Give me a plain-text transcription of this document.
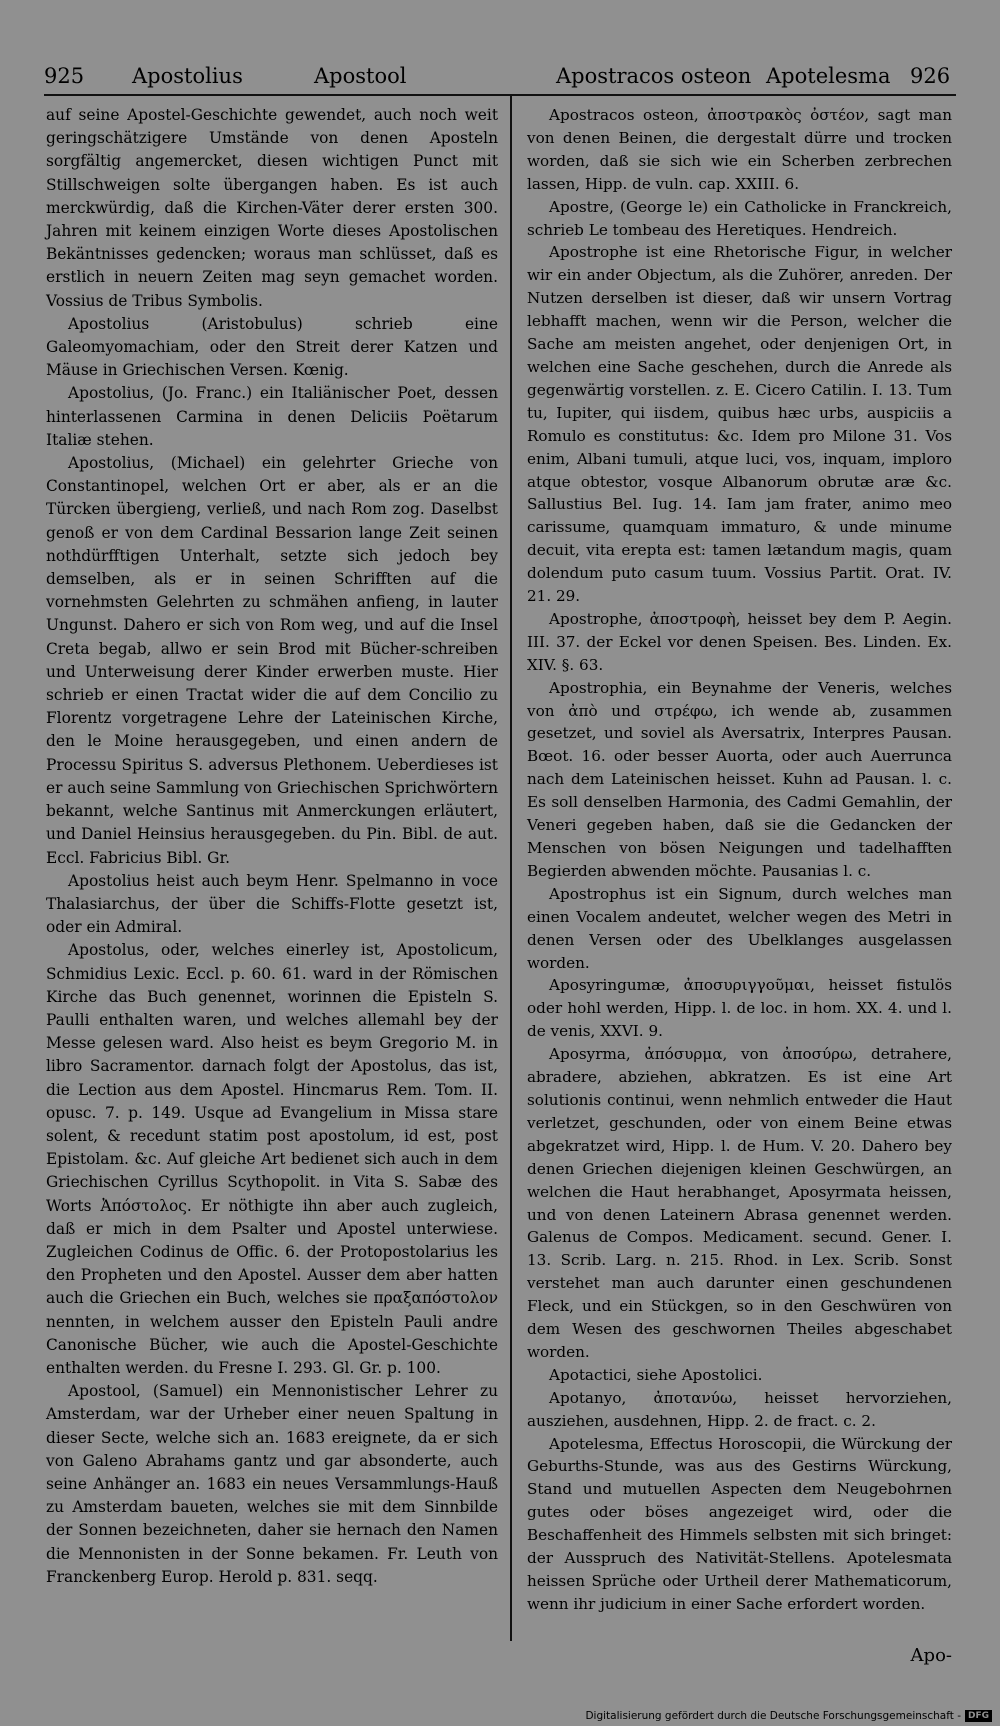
925 Apostolius	Apostool	Apostracos osteon Apotelesma 926

auf seine Apostel-Geschichte gewendet, auch noch weit geringschätzigere Umstände von denen Aposteln sorgfältig angemercket, diesen wichtigen Punct mit Stillschweigen solte übergangen haben. Es ist auch merckwürdig, daß die Kirchen-Väter derer ersten 300. Jahren mit keinem einzigen Worte dieses Apostolischen Bekäntnisses gedencken; woraus man schlüsset, daß es erstlich in neuern Zeiten mag seyn gemachet worden. Vossius de Tribus Symbolis.

Apostolius (Aristobulus) schrieb eine Galeomyomachiam, oder den Streit derer Katzen und Mäuse in Griechischen Versen. Kœnig.

Apostolius, (Jo. Franc.) ein Italiänischer Poet, dessen hinterlassenen Carmina in denen Deliciis Poëtarum Italiæ stehen.

Apostolius, (Michael) ein gelehrter Grieche von Constantinopel, welchen Ort er aber, als er an die Türcken übergieng, verließ, und nach Rom zog. Daselbst genoß er von dem Cardinal Bessarion lange Zeit seinen nothdürfftigen Unterhalt, setzte sich jedoch bey demselben, als er in seinen Schrifften auf die vornehmsten Gelehrten zu schmähen anfieng, in lauter Ungunst. Dahero er sich von Rom weg, und auf die Insel Creta begab, allwo er sein Brod mit Bücher-schreiben und Unterweisung derer Kinder erwerben muste. Hier schrieb er einen Tractat wider die auf dem Concilio zu Florentz vorgetragene Lehre der Lateinischen Kirche, den le Moine herausgegeben, und einen andern de Processu Spiritus S. adversus Plethonem. Ueberdieses ist er auch seine Sammlung von Griechischen Sprichwörtern bekannt, welche Santinus mit Anmerckungen erläutert, und Daniel Heinsius herausgegeben. du Pin. Bibl. de aut. Eccl. Fabricius Bibl. Gr.

Apostolius heist auch beym Henr. Spelmanno in voce Thalasiarchus, der über die Schiffs-Flotte gesetzt ist, oder ein Admiral.

Apostolus, oder, welches einerley ist, Apostolicum, Schmidius Lexic. Eccl. p. 60. 61. ward in der Römischen Kirche das Buch genennet, worinnen die Episteln S. Paulli enthalten waren, und welches allemahl bey der Messe gelesen ward. Also heist es beym Gregorio M. in libro Sacramentor. darnach folgt der Apostolus, das ist, die Lection aus dem Apostel. Hincmarus Rem. Tom. II. opusc. 7. p. 149. Usque ad Evangelium in Missa stare solent, & recedunt statim post apostolum, id est, post Epistolam. &c. Auf gleiche Art bedienet sich auch in dem Griechischen Cyrillus Scythopolit. in Vita S. Sabæ des Worts Ἀπόστολος. Er nöthigte ihn aber auch zugleich, daß er mich in dem Psalter und Apostel unterwiese. Zugleichen Codinus de Offic. 6. der Protopostolarius les den Propheten und den Apostel. Ausser dem aber hatten auch die Griechen ein Buch, welches sie πραξαπόστολον nennten, in welchem ausser den Episteln Pauli andre Canonische Bücher, wie auch die Apostel-Geschichte enthalten werden. du Fresne I. 293. Gl. Gr. p. 100.

Apostool, (Samuel) ein Mennonistischer Lehrer zu Amsterdam, war der Urheber einer neuen Spaltung in dieser Secte, welche sich an. 1683 ereignete, da er sich von Galeno Abrahams gantz und gar absonderte, auch seine Anhänger an. 1683 ein neues Versammlungs-Hauß zu Amsterdam baueten, welches sie mit dem Sinnbilde der Sonnen bezeichneten, daher sie hernach den Namen die Mennonisten in der Sonne bekamen. Fr. Leuth von Franckenberg Europ. Herold p. 831. seqq.

Apostracos osteon, ἀποστρακὸς ὀστέον, sagt man von denen Beinen, die dergestalt dürre und trocken worden, daß sie sich wie ein Scherben zerbrechen lassen, Hipp. de vuln. cap. XXIII. 6.

Apostre, (George le) ein Catholicke in Franckreich, schrieb Le tombeau des Heretiques. Hendreich.

Apostrophe ist eine Rhetorische Figur, in welcher wir ein ander Objectum, als die Zuhörer, anreden. Der Nutzen derselben ist dieser, daß wir unsern Vortrag lebhafft machen, wenn wir die Person, welcher die Sache am meisten angehet, oder denjenigen Ort, in welchen eine Sache geschehen, durch die Anrede als gegenwärtig vorstellen. z. E. Cicero Catilin. I. 13. Tum tu, Iupiter, qui iisdem, quibus hæc urbs, auspiciis a Romulo es constitutus: &c. Idem pro Milone 31. Vos enim, Albani tumuli, atque luci, vos, inquam, imploro atque obtestor, vosque Albanorum obrutæ aræ &c. Sallustius Bel. Iug. 14. Iam jam frater, animo meo carissume, quamquam immaturo, & unde minume decuit, vita erepta est: tamen lætandum magis, quam dolendum puto casum tuum. Vossius Partit. Orat. IV. 21. 29.

Apostrophe, ἀποστροφὴ, heisset bey dem P. Aegin. III. 37. der Eckel vor denen Speisen. Bes. Linden. Ex. XIV. §. 63.

Apostrophia, ein Beynahme der Veneris, welches von ἀπὸ und στρέφω, ich wende ab, zusammen gesetzet, und soviel als Aversatrix, Interpres Pausan. Bœot. 16. oder besser Auorta, oder auch Auerrunca nach dem Lateinischen heisset. Kuhn ad Pausan. l. c. Es soll denselben Harmonia, des Cadmi Gemahlin, der Veneri gegeben haben, daß sie die Gedancken der Menschen von bösen Neigungen und tadelhafften Begierden abwenden möchte. Pausanias l. c.

Apostrophus ist ein Signum, durch welches man einen Vocalem andeutet, welcher wegen des Metri in denen Versen oder des Ubelklanges ausgelassen worden.

Aposyringumæ, ἀποσυριγγοῦμαι, heisset fistulös oder hohl werden, Hipp. l. de loc. in hom. XX. 4. und l. de venis, XXVI. 9.

Aposyrma, ἀπόσυρμα, von ἀποσύρω, detrahere, abradere, abziehen, abkratzen. Es ist eine Art solutionis continui, wenn nehmlich entweder die Haut verletzet, geschunden, oder von einem Beine etwas abgekratzet wird, Hipp. l. de Hum. V. 20. Dahero bey denen Griechen diejenigen kleinen Geschwürgen, an welchen die Haut herabhanget, Aposyrmata heissen, und von denen Lateinern Abrasa genennet werden. Galenus de Compos. Medicament. secund. Gener. I. 13. Scrib. Larg. n. 215. Rhod. in Lex. Scrib. Sonst verstehet man auch darunter einen geschundenen Fleck, und ein Stückgen, so in den Geschwüren von dem Wesen des geschwornen Theiles abgeschabet worden.

Apotactici, siehe Apostolici.

Apotanyo, ἀποτανύω, heisset hervorziehen, ausziehen, ausdehnen, Hipp. 2. de fract. c. 2.

Apotelesma, Effectus Horoscopii, die Würckung der Geburths-Stunde, was aus des Gestirns Würckung, Stand und mutuellen Aspecten dem Neugebohrnen gutes oder böses angezeiget wird, oder die Beschaffenheit des Himmels selbsten mit sich bringet: der Ausspruch des Nativität-Stellens. Apotelesmata heissen Sprüche oder Urtheil derer Mathematicorum, wenn ihr judicium in einer Sache erfordert worden.

Apo-
Digitalisierung gefördert durch die Deutsche Forschungsgemeinschaft - DFG
